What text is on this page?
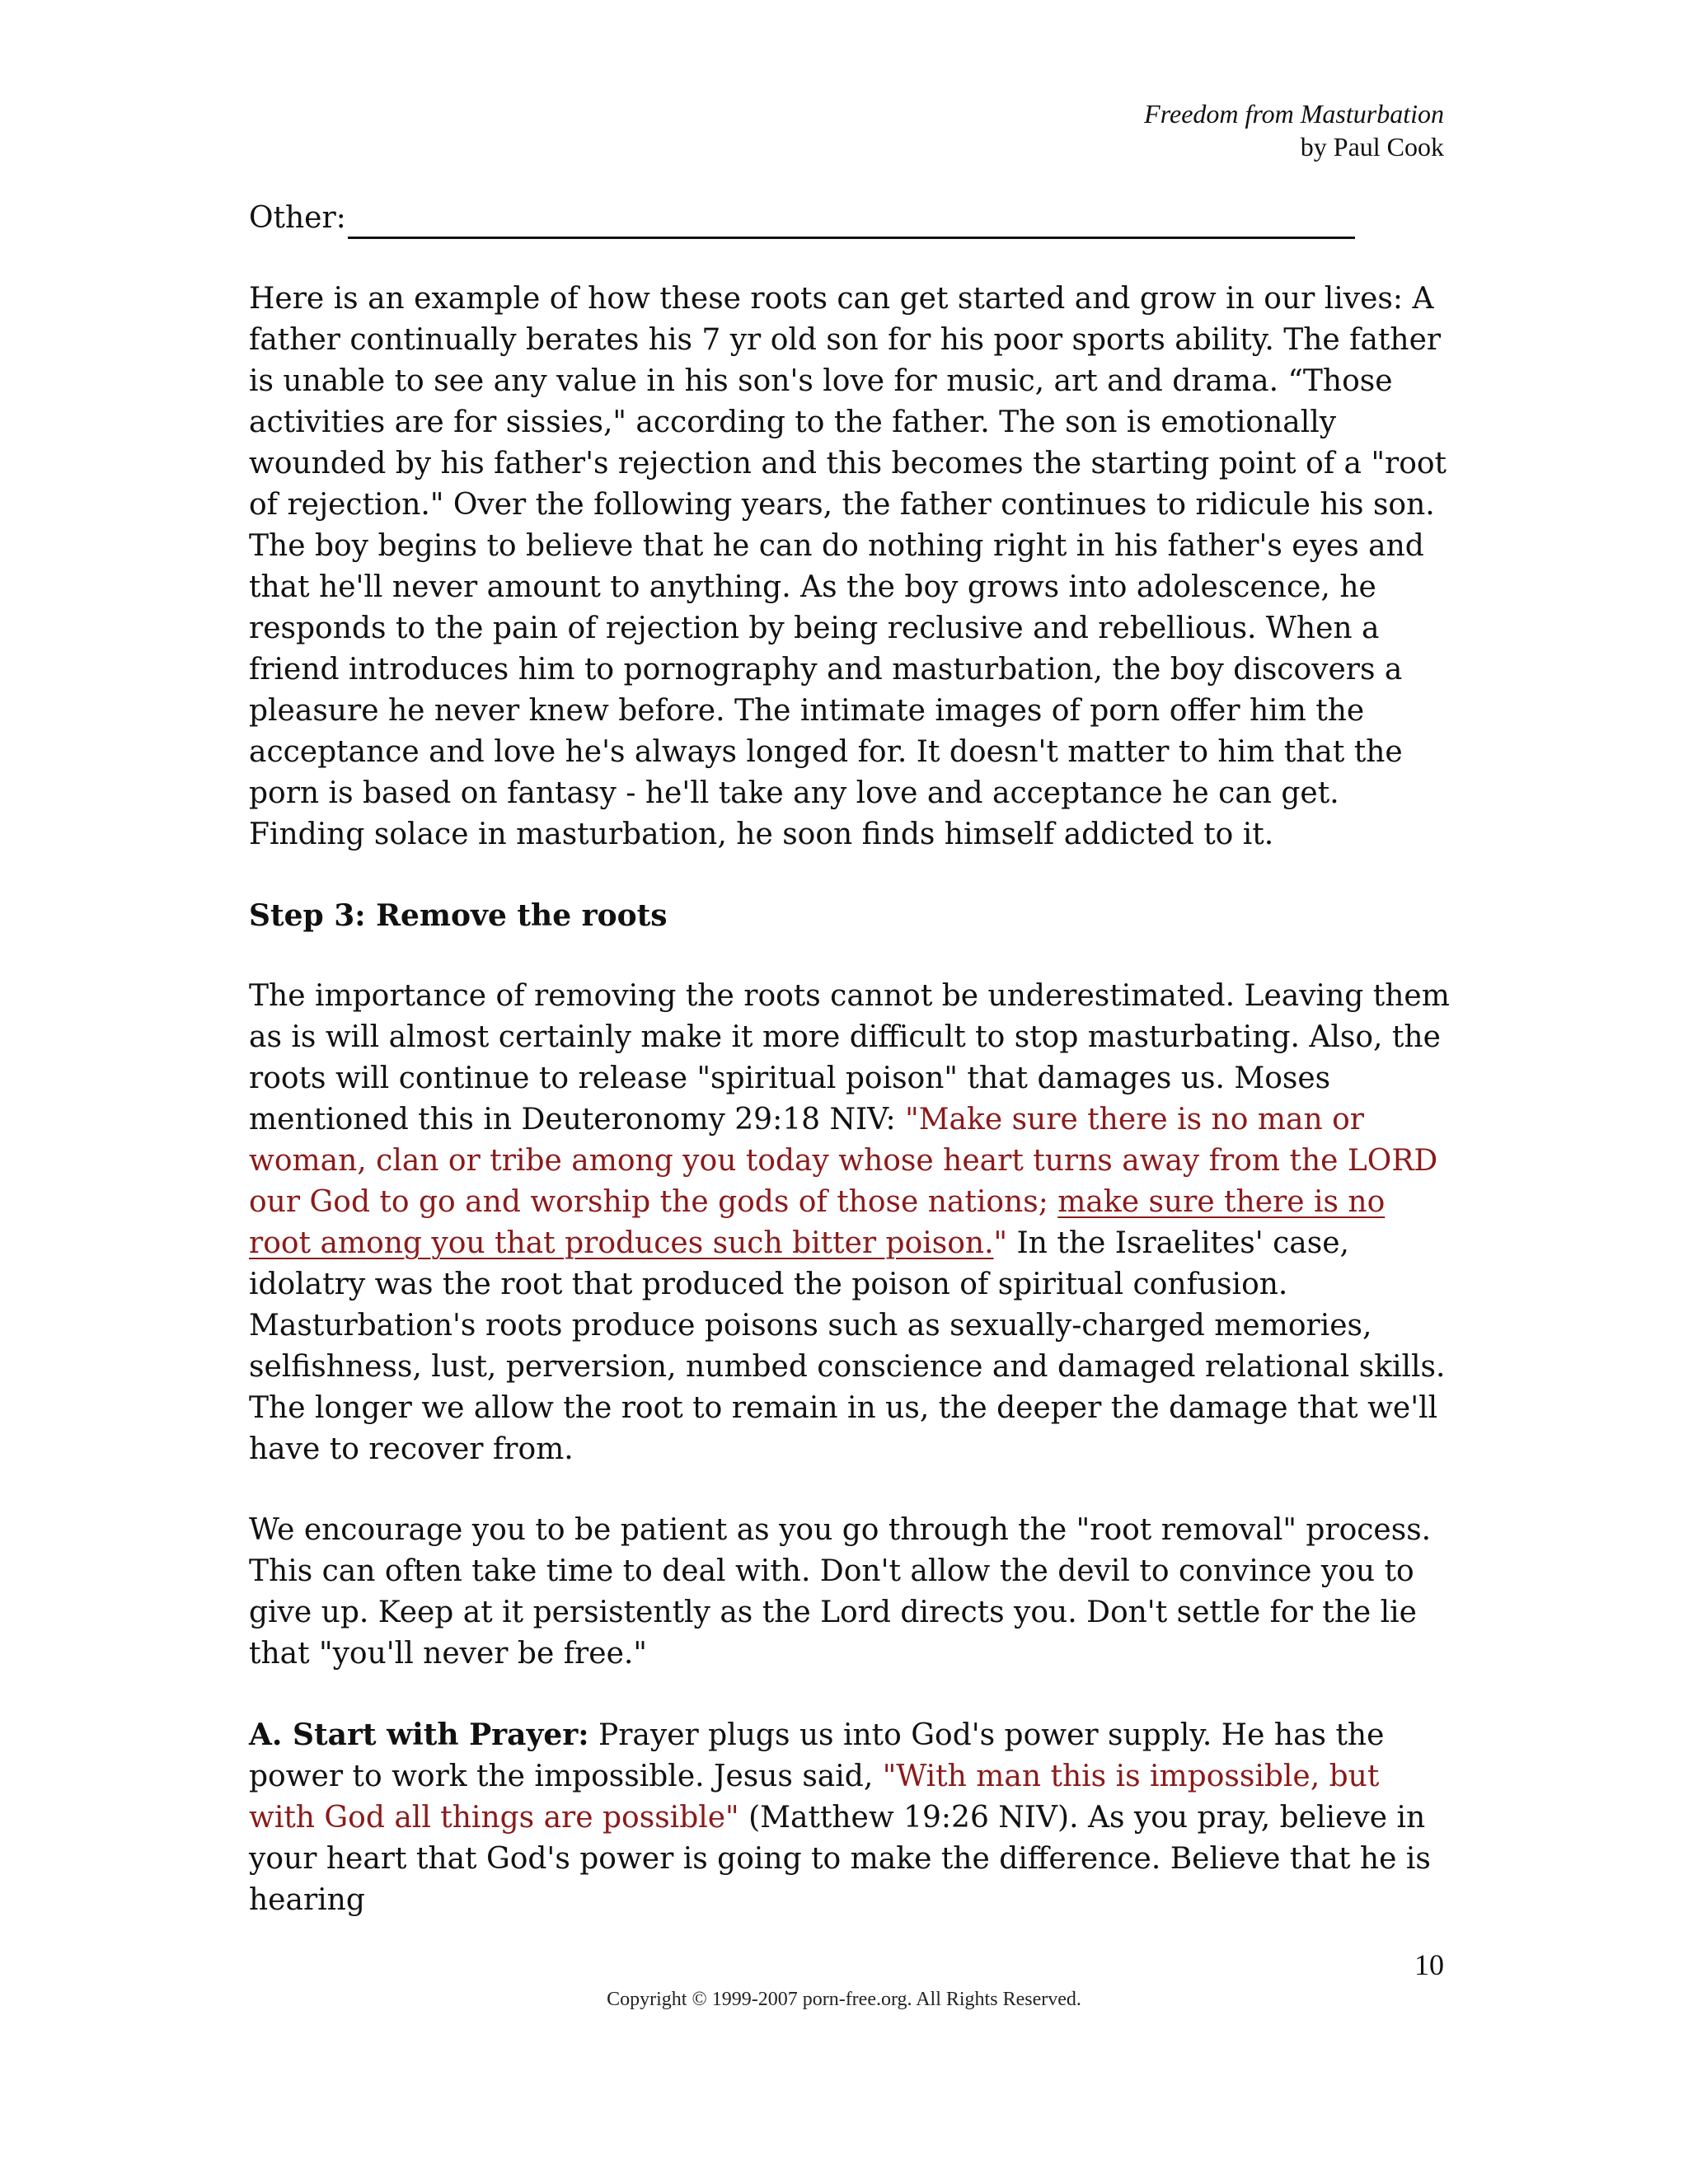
Freedom from Masturbation
by Paul Cook
Other:

Here is an example of how these roots can get started and grow in our lives: A father continually berates his 7 yr old son for his poor sports ability. The father is unable to see any value in his son's love for music, art and drama. “Those activities are for sissies," according to the father. The son is emotionally wounded by his father's rejection and this becomes the starting point of a "root of rejection." Over the following years, the father continues to ridicule his son. The boy begins to believe that he can do nothing right in his father's eyes and that he'll never amount to anything. As the boy grows into adolescence, he responds to the pain of rejection by being reclusive and rebellious. When a friend introduces him to pornography and masturbation, the boy discovers a pleasure he never knew before. The intimate images of porn offer him the acceptance and love he's always longed for. It doesn't matter to him that the porn is based on fantasy - he'll take any love and acceptance he can get. Finding solace in masturbation, he soon finds himself addicted to it.

Step 3: Remove the roots

The importance of removing the roots cannot be underestimated. Leaving them as is will almost certainly make it more difficult to stop masturbating. Also, the roots will continue to release "spiritual poison" that damages us. Moses mentioned this in Deuteronomy 29:18 NIV: "Make sure there is no man or woman, clan or tribe among you today whose heart turns away from the LORD our God to go and worship the gods of those nations; make sure there is no root among you that produces such bitter poison." In the Israelites' case, idolatry was the root that produced the poison of spiritual confusion. Masturbation's roots produce poisons such as sexually-charged memories, selfishness, lust, perversion, numbed conscience and damaged relational skills. The longer we allow the root to remain in us, the deeper the damage that we'll have to recover from.

We encourage you to be patient as you go through the "root removal" process. This can often take time to deal with. Don't allow the devil to convince you to give up. Keep at it persistently as the Lord directs you. Don't settle for the lie that "you'll never be free."

A. Start with Prayer: Prayer plugs us into God's power supply. He has the power to work the impossible. Jesus said, "With man this is impossible, but with God all things are possible" (Matthew 19:26 NIV). As you pray, believe in your heart that God's power is going to make the difference. Believe that he is hearing

10
Copyright © 1999-2007 porn-free.org. All Rights Reserved.
